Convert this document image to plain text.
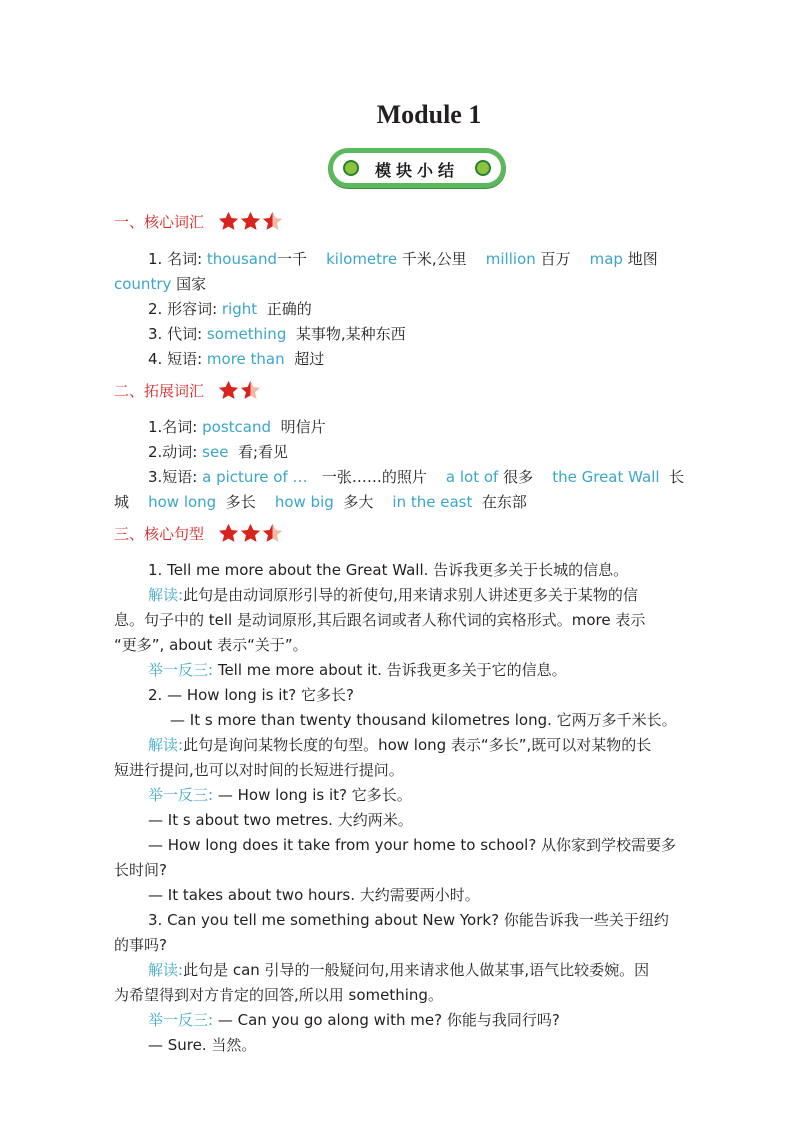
Module 1
模块小结
一、核心词汇
1. 名词: thousand一千 kilometre 千米,公里 million 百万 map 地图
country 国家
2. 形容词: right 正确的
3. 代词: something 某事物,某种东西
4. 短语: more than 超过
二、拓展词汇
1.名词: postcand 明信片
2.动词: see 看;看见
3.短语: a picture of … 一张……的照片 a lot of 很多 the Great Wall 长
城 how long 多长 how big 多大 in the east 在东部
三、核心句型
1. Tell me more about the Great Wall. 告诉我更多关于长城的信息。
解读:此句是由动词原形引导的祈使句,用来请求别人讲述更多关于某物的信
息。句子中的 tell 是动词原形,其后跟名词或者人称代词的宾格形式。more 表示
“更多”, about 表示“关于”。
举一反三: Tell me more about it. 告诉我更多关于它的信息。
2. — How long is it? 它多长?
— It s more than twenty thousand kilometres long. 它两万多千米长。
解读:此句是询问某物长度的句型。how long 表示“多长”,既可以对某物的长
短进行提问,也可以对时间的长短进行提问。
举一反三: — How long is it? 它多长。
— It s about two metres. 大约两米。
— How long does it take from your home to school? 从你家到学校需要多
长时间?
— It takes about two hours. 大约需要两小时。
3. Can you tell me something about New York? 你能告诉我一些关于纽约
的事吗?
解读:此句是 can 引导的一般疑问句,用来请求他人做某事,语气比较委婉。因
为希望得到对方肯定的回答,所以用 something。
举一反三: — Can you go along with me? 你能与我同行吗?
— Sure. 当然。
